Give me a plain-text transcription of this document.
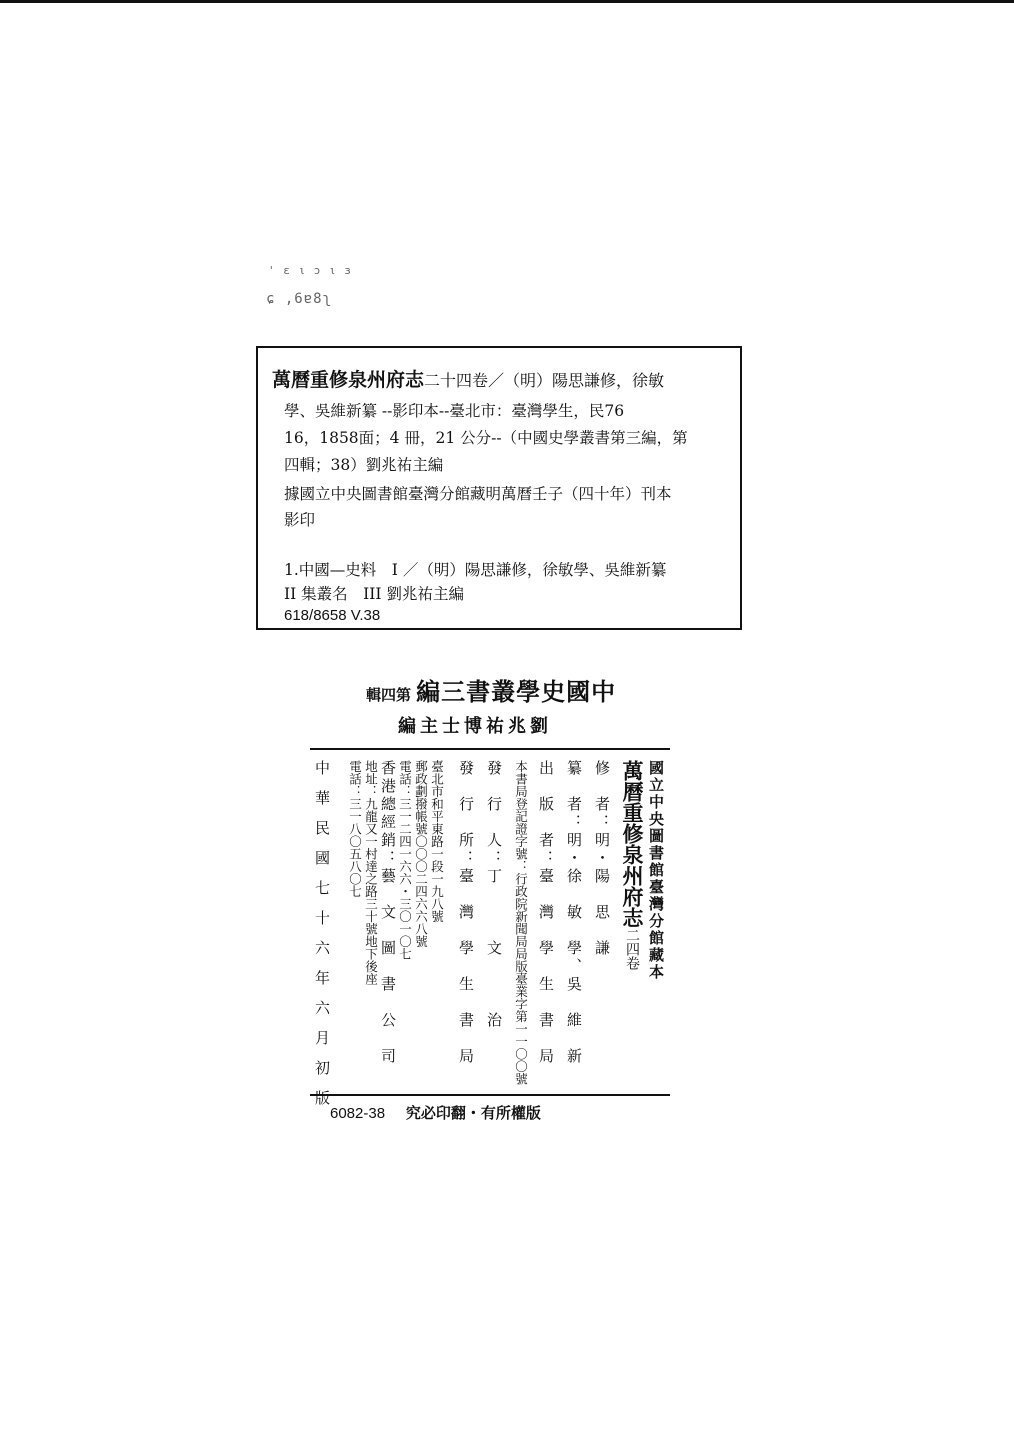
' ɛ ι ɔ ι ɜ
ɕ ,6ɐ8ʅ
萬曆重修泉州府志二十四卷／（明）陽思謙修，徐敏
學、吳維新纂 --影印本--臺北市：臺灣學生，民76
16，1858面；4 冊，21 公分--（中國史學叢書第三編，第
四輯；38）劉兆祐主編
據國立中央圖書館臺灣分館藏明萬曆壬子（四十年）刊本
影印
1.中國—史料　I ／（明）陽思謙修，徐敏學、吳維新纂
II 集叢名　III 劉兆祐主編
618/8658 V.38
輯四第 編三書叢學史國中
編主士博祐兆劉
國立中央圖書館臺灣分館藏本
萬曆重修泉州府志二四卷
修　者：明・陽　思　謙
纂　者：明・徐　敏　學、吳　維　新
出　版　者：臺　灣　學　生　書　局
本書局登記證字號：行政院新聞局局版臺業字第一一〇〇號
發　行　人：丁　　　文　　　治
發　行　所：臺　灣　學　生　書　局
臺北市和平東路一段一九八號
郵政劃撥帳號〇〇〇二四六六八號
電話：三一二四一六六・三〇一〇七
香港總經銷：藝　文　圖　書　公　司
地址：九龍又一村達之路三十號地下後座
電話：三一八〇五八〇七
中華民國七十六年六月初版 6082-38 究必印翻・有所權版
